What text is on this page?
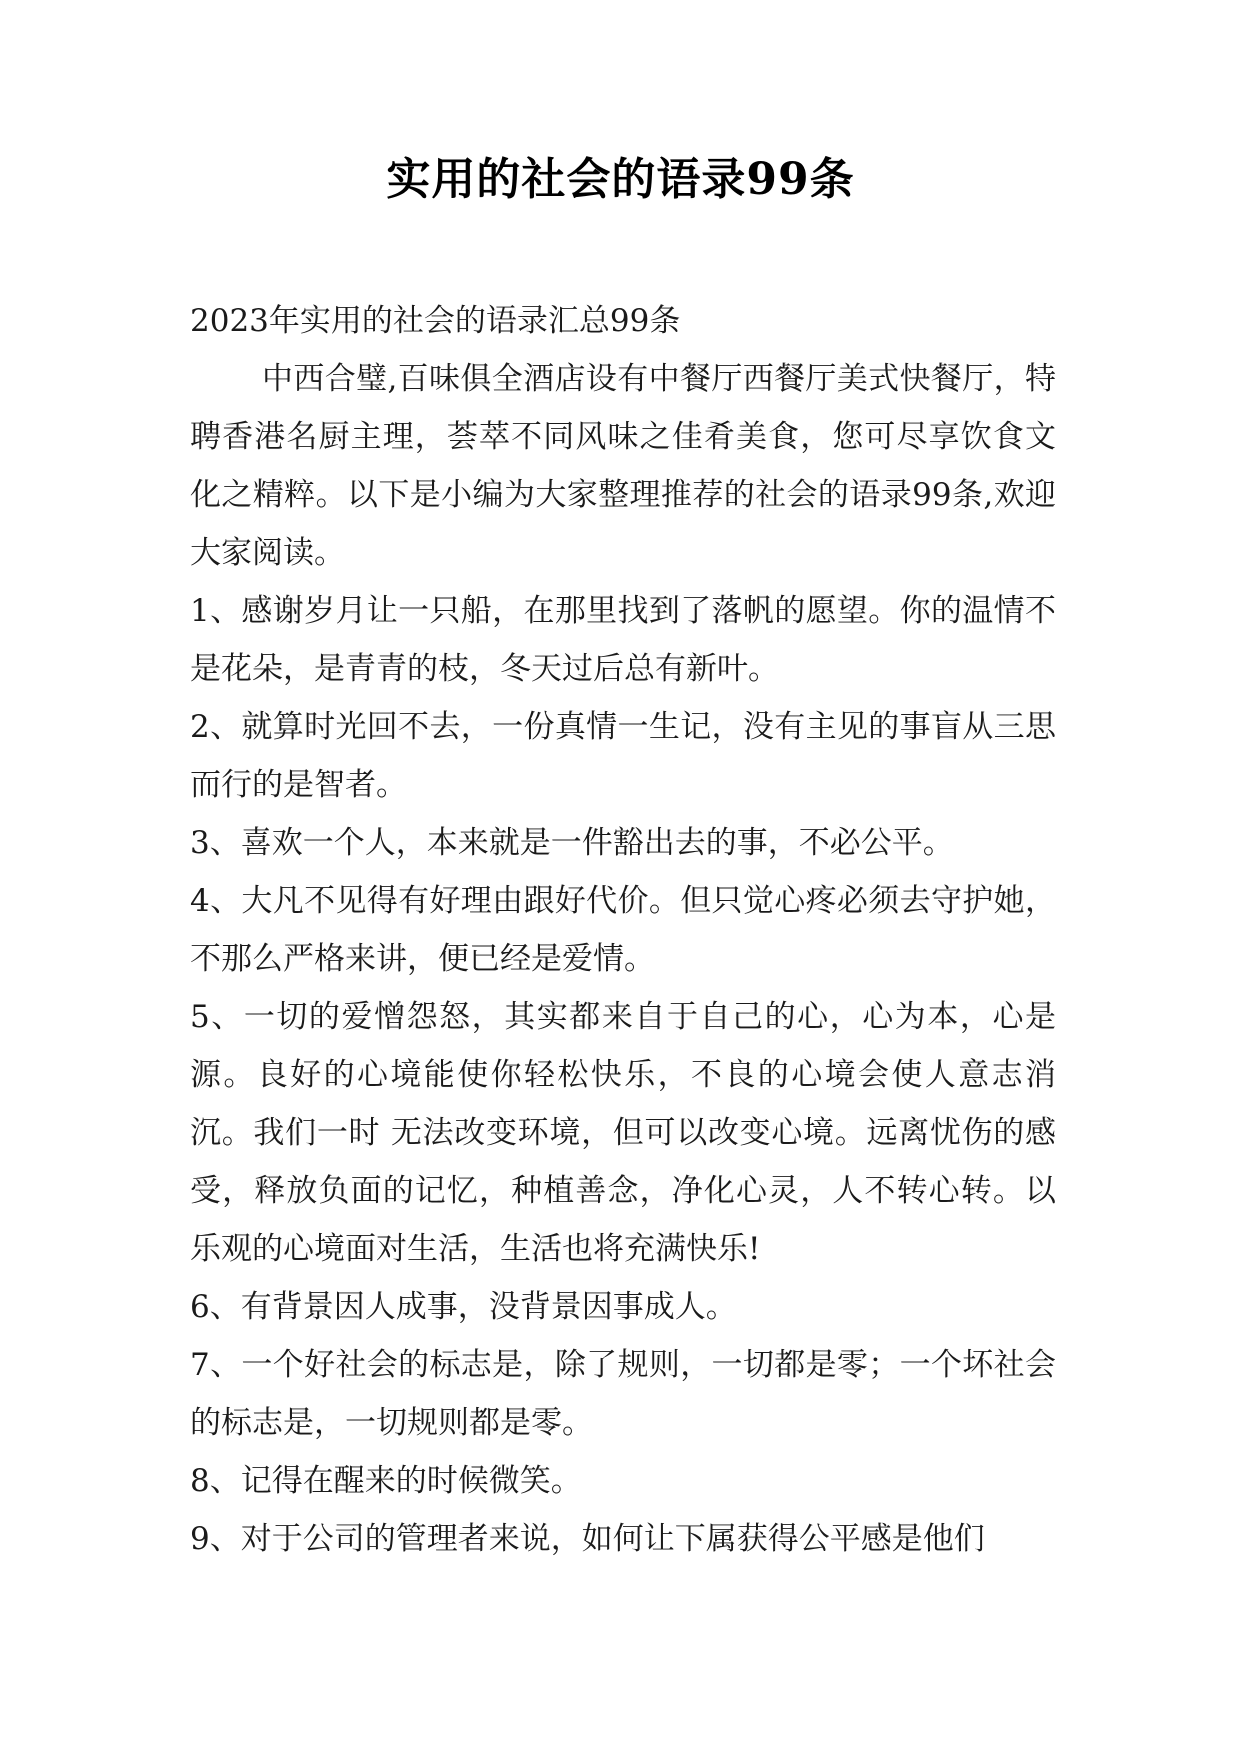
实用的社会的语录99条

2023年实用的社会的语录汇总99条

中西合璧,百味俱全酒店设有中餐厅西餐厅美式快餐厅，特聘香港名厨主理，荟萃不同风味之佳肴美食，您可尽享饮食文化之精粹。以下是小编为大家整理推荐的社会的语录99条,欢迎大家阅读。

1、感谢岁月让一只船，在那里找到了落帆的愿望。你的温情不是花朵，是青青的枝，冬天过后总有新叶。

2、就算时光回不去，一份真情一生记，没有主见的事盲从三思而行的是智者。

3、喜欢一个人，本来就是一件豁出去的事，不必公平。

4、大凡不见得有好理由跟好代价。但只觉心疼必须去守护她，不那么严格来讲，便已经是爱情。

5、一切的爱憎怨怒，其实都来自于自己的心，心为本，心是源。良好的心境能使你轻松快乐，不良的心境会使人意志消沉。我们一时 无法改变环境，但可以改变心境。远离忧伤的感受，释放负面的记忆，种植善念，净化心灵，人不转心转。以乐观的心境面对生活，生活也将充满快乐!

6、有背景因人成事，没背景因事成人。

7、一个好社会的标志是，除了规则，一切都是零；一个坏社会的标志是，一切规则都是零。

8、记得在醒来的时候微笑。

9、对于公司的管理者来说，如何让下属获得公平感是他们
